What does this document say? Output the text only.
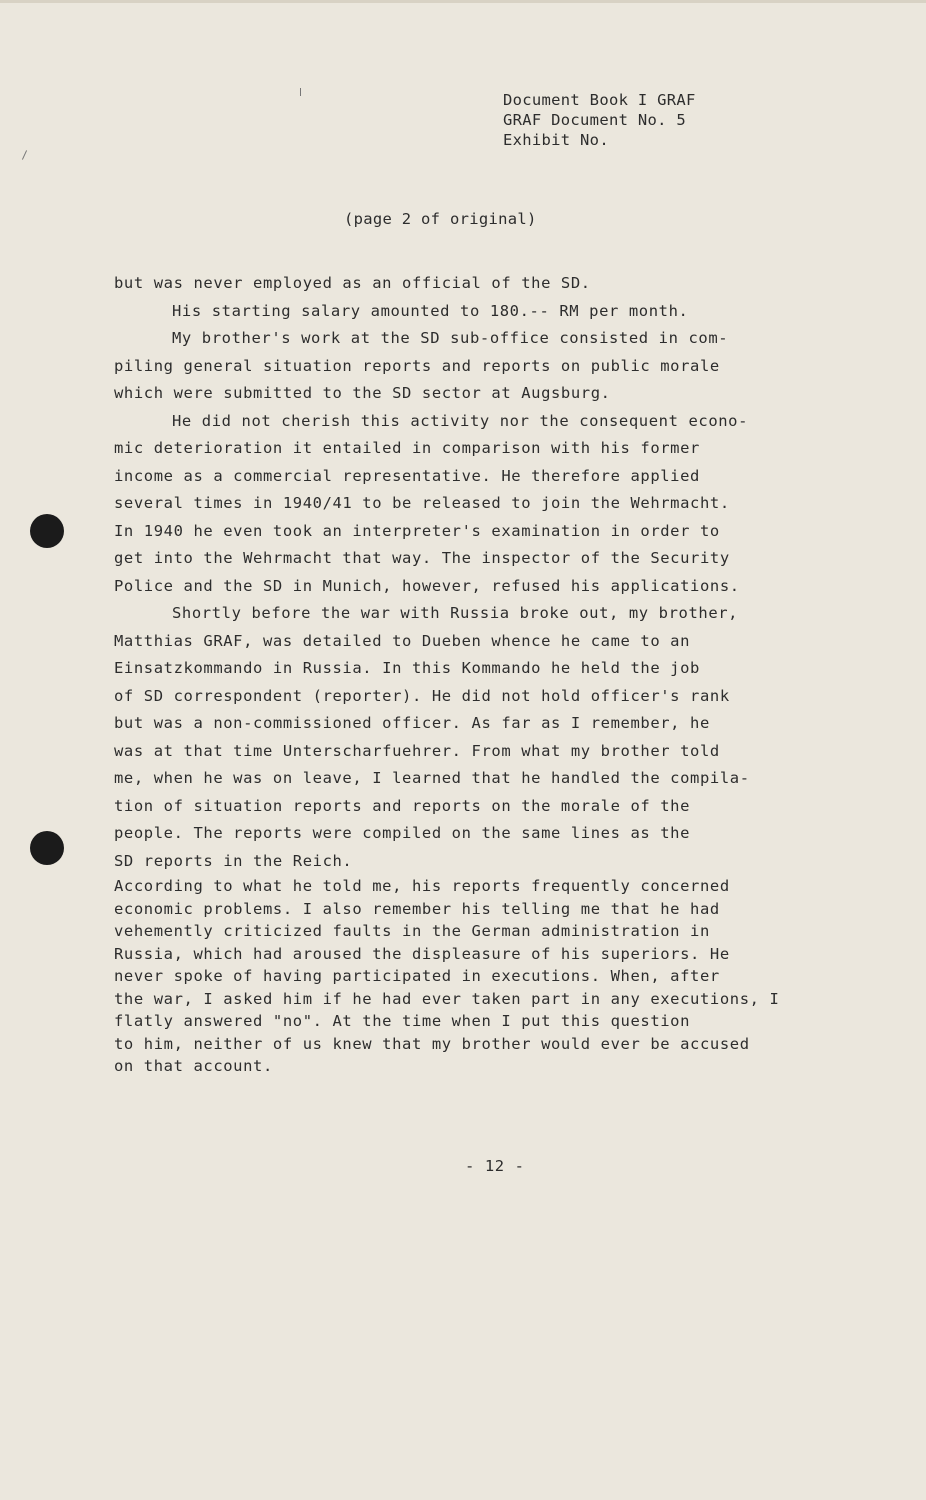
Document Book I GRAF
GRAF Document No. 5
Exhibit No.
(page 2 of original)
but was never employed as an official of the SD.
His starting salary amounted to 180.-- RM per month.
My brother's work at the SD sub-office consisted in com-
piling general situation reports and reports on public morale
which were submitted to the SD sector at Augsburg.
He did not cherish this activity nor the consequent econo-
mic deterioration it entailed in comparison with his former
income as a commercial representative. He therefore applied
several times in 1940/41 to be released to join the Wehrmacht.
In 1940 he even took an interpreter's examination in order to
get into the Wehrmacht that way. The inspector of the Security
Police and the SD in Munich, however, refused his applications.
Shortly before the war with Russia broke out, my brother,
Matthias GRAF, was detailed to Dueben whence he came to an
Einsatzkommando in Russia. In this Kommando he held the job
of SD correspondent (reporter). He did not hold officer's rank
but was a non-commissioned officer. As far as I remember, he
was at that time Unterscharfuehrer. From what my brother told
me, when he was on leave, I learned that he handled the compila-
tion of situation reports and reports on the morale of the
people. The reports were compiled on the same lines as the
SD reports in the Reich.
According to what he told me, his reports frequently concerned
economic problems. I also remember his telling me that he had
vehemently criticized faults in the German administration in
Russia, which had aroused the displeasure of his superiors. He
never spoke of having participated in executions. When, after
the war, I asked him if he had ever taken part in any executions, I
flatly answered "no". At the time when I put this question
to him, neither of us knew that my brother would ever be accused
on that account.
- 12 -
